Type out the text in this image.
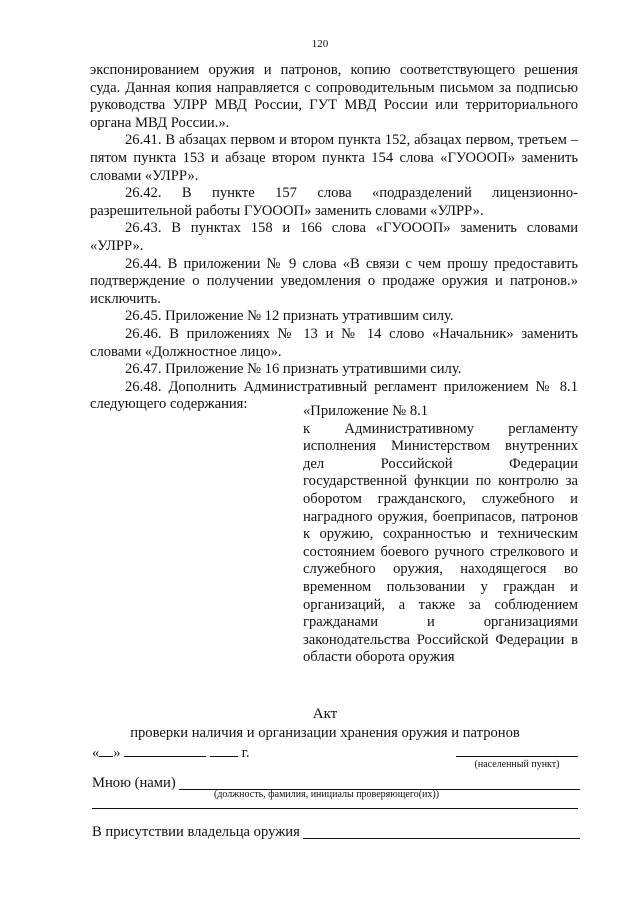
120

экспонированием оружия и патронов, копию соответствующего решения суда. Данная копия направляется с сопроводительным письмом за подписью руководства УЛРР МВД России, ГУТ МВД России или территориального органа МВД России.».

26.41. В абзацах первом и втором пункта 152, абзацах первом, третьем – пятом пункта 153 и абзаце втором пункта 154 слова «ГУОООП» заменить словами «УЛРР».

26.42. В пункте 157 слова «подразделений лицензионно-разрешительной работы ГУОООП» заменить словами «УЛРР».

26.43. В пунктах 158 и 166 слова «ГУОООП» заменить словами «УЛРР».

26.44. В приложении № 9 слова «В связи с чем прошу предоставить подтверждение о получении уведомления о продаже оружия и патронов.» исключить.

26.45. Приложение № 12 признать утратившим силу.

26.46. В приложениях № 13 и № 14 слово «Начальник» заменить словами «Должностное лицо».

26.47. Приложение № 16 признать утратившими силу.

26.48. Дополнить Административный регламент приложением № 8.1 следующего содержания:	«Приложение № 8.1

к Административному регламенту исполнения Министерством внутренних дел Российской Федерации государственной функции по контролю за оборотом гражданского, служебного и наградного оружия, боеприпасов, патронов к оружию, сохранностью и техническим состоянием боевого ручного стрелкового и служебного оружия, находящегося во временном пользовании у граждан и организаций, а также за соблюдением гражданами и организациями законодательства Российской Федерации в области оборота оружия

Акт
проверки наличия и организации хранения оружия и патронов
« »	г.
(населенный пункт)
Мною (нами)
(должность, фамилия, инициалы проверяющего(их))
В присутствии владельца оружия
